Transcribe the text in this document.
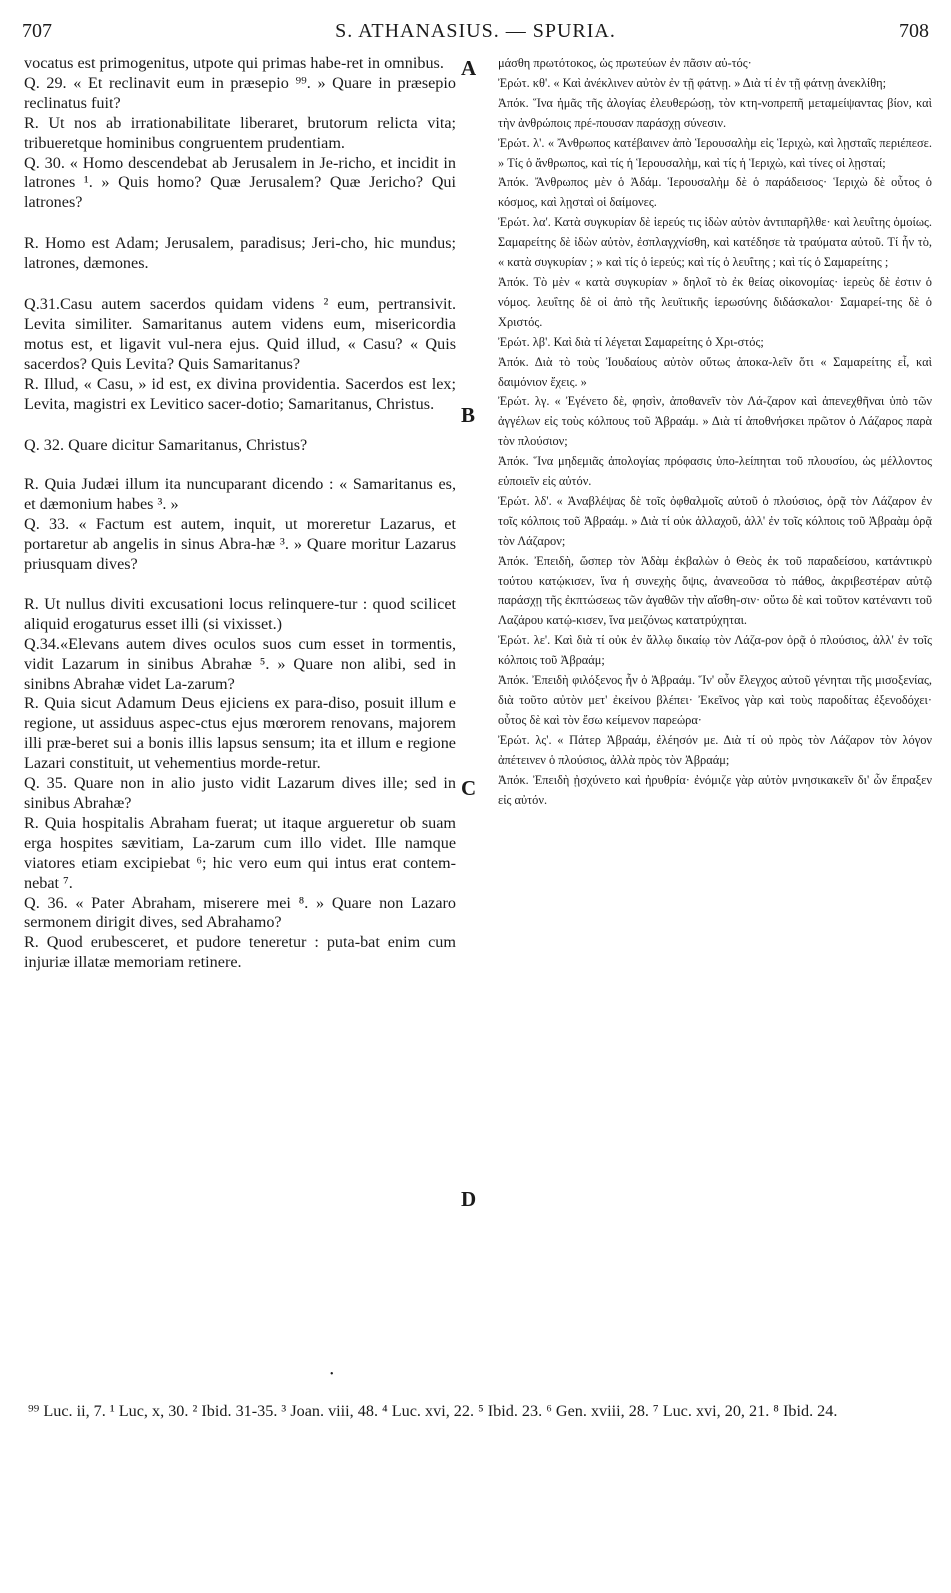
707	S. ATHANASIUS. — SPURIA.	708

vocatus est primogenitus, utpote qui primas habe-ret in omnibus.

Q. 29. « Et reclinavit eum in præsepio ⁹⁹. » Quare in præsepio reclinatus fuit?

R. Ut nos ab irrationabilitate liberaret, brutorum relicta vita; tribueretque hominibus congruentem prudentiam.

Q. 30. « Homo descendebat ab Jerusalem in Je-richo, et incidit in latrones ¹. » Quis homo? Quæ Jerusalem? Quæ Jericho? Qui latrones?

R. Homo est Adam; Jerusalem, paradisus; Jeri-cho, hic mundus; latrones, dæmones.

Q.31.Casu autem sacerdos quidam videns ² eum, pertransivit. Levita similiter. Samaritanus autem videns eum, misericordia motus est, et ligavit vul-nera ejus. Quid illud, « Casu? « Quis sacerdos? Quis Levita? Quis Samaritanus?

R. Illud, « Casu, » id est, ex divina providentia. Sacerdos est lex; Levita, magistri ex Levitico sacer-dotio; Samaritanus, Christus.

Q. 32. Quare dicitur Samaritanus, Christus?

R. Quia Judæi illum ita nuncuparant dicendo : « Samaritanus es, et dæmonium habes ³. »

Q. 33. « Factum est autem, inquit, ut moreretur Lazarus, et portaretur ab angelis in sinus Abra-hæ ³. » Quare moritur Lazarus priusquam dives?

R. Ut nullus diviti excusationi locus relinquere-tur : quod scilicet aliquid erogaturus esset illi (si vixisset.)

Q.34.«Elevans autem dives oculos suos cum esset in tormentis, vidit Lazarum in sinibus Abrahæ ⁵. » Quare non alibi, sed in sinibns Abrahæ videt La-zarum?

R. Quia sicut Adamum Deus ejiciens ex para-diso, posuit illum e regione, ut assiduus aspec-ctus ejus mœrorem renovans, majorem illi præ-beret sui a bonis illis lapsus sensum; ita et illum e regione Lazari constituit, ut vehementius morde-retur.

Q. 35. Quare non in alio justo vidit Lazarum dives ille; sed in sinibus Abrahæ?

R. Quia hospitalis Abraham fuerat; ut itaque argueretur ob suam erga hospites sævitiam, La-zarum cum illo videt. Ille namque viatores etiam excipiebat ⁶; hic vero eum qui intus erat contem-nebat ⁷.

Q. 36. « Pater Abraham, miserere mei ⁸. » Quare non Lazaro sermonem dirigit dives, sed Abrahamo?

R. Quod erubesceret, et pudore teneretur : puta-bat enim cum injuriæ illatæ memoriam retinere.

A
B
C
D

μάσθη πρωτότοκος, ὡς πρωτεύων ἐν πᾶσιν αὐ-τός·

Ἐρώτ. κθ'. « Καὶ ἀνέκλινεν αὐτὸν ἐν τῇ φάτνῃ. » Διὰ τί ἐν τῇ φάτνῃ ἀνεκλίθη;

Ἀπόκ. Ἵνα ἡμᾶς τῆς ἀλογίας ἐλευθερώσῃ, τὸν κτη-νοπρεπῆ μεταμείψαντας βίον, καὶ τὴν ἀνθρώποις πρέ-πουσαν παράσχῃ σύνεσιν.

Ἐρώτ. λ'. « Ἄνθρωπος κατέβαινεν ἀπὸ Ἱερουσαλὴμ εἰς Ἱεριχὼ, καὶ λῃσταῖς περιέπεσε. » Τίς ὁ ἄνθρωπος, καὶ τίς ἡ Ἱερουσαλὴμ, καὶ τίς ἡ Ἱεριχὼ, καὶ τίνες οἱ λῃσταί;

Ἀπόκ. Ἄνθρωπος μὲν ὁ Ἀδάμ. Ἱερουσαλὴμ δὲ ὁ παράδεισος· Ἱεριχὼ δὲ οὗτος ὁ κόσμος, καὶ λῃσταὶ οἱ δαίμονες.

Ἐρώτ. λα'. Κατὰ συγκυρίαν δὲ ἱερεύς τις ἰδὼν αὐτὸν ἀντιπαρῆλθε· καὶ λευΐτης ὁμοίως. Σαμαρείτης δὲ ἰδὼν αὐτὸν, ἐσπλαγχνίσθη, καὶ κατέδησε τὰ τραύματα αὐτοῦ. Τί ἦν τὸ, « κατὰ συγκυρίαν ; » καὶ τίς ὁ ἱερεύς; καὶ τίς ὁ λευΐτης ; καὶ τίς ὁ Σαμαρείτης ;

Ἀπόκ. Τὸ μὲν « κατὰ συγκυρίαν » δηλοῖ τὸ ἐκ θείας οἰκονομίας· ἱερεὺς δὲ ἐστιν ὁ νόμος. λευΐτης δὲ οἱ ἀπὸ τῆς λευϊτικῆς ἱερωσύνης διδάσκαλοι· Σαμαρεί-της δὲ ὁ Χριστός.

Ἐρώτ. λβ'. Καὶ διὰ τί λέγεται Σαμαρείτης ὁ Χρι-στός;

Ἀπόκ. Διὰ τὸ τοὺς Ἰουδαίους αὐτὸν οὕτως ἀποκα-λεῖν ὅτι « Σαμαρείτης εἶ, καὶ δαιμόνιον ἔχεις. »

Ἐρώτ. λγ. « Ἐγένετο δὲ, φησὶν, ἀποθανεῖν τὸν Λά-ζαρον καὶ ἀπενεχθῆναι ὑπὸ τῶν ἀγγέλων εἰς τοὺς κόλπους τοῦ Ἀβραάμ. » Διὰ τί ἀποθνήσκει πρῶτον ὁ Λάζαρος παρὰ τὸν πλούσιον;

Ἀπόκ. Ἵνα μηδεμιᾶς ἀπολογίας πρόφασις ὑπο-λείπηται τοῦ πλουσίου, ὡς μέλλοντος εὐποιεῖν εἰς αὐτόν.

Ἐρώτ. λδ'. « Ἀναβλέψας δὲ τοῖς ὀφθαλμοῖς αὐτοῦ ὁ πλούσιος, ὁρᾷ τὸν Λάζαρον ἐν τοῖς κόλποις τοῦ Ἀβραάμ. » Διὰ τί οὐκ ἀλλαχοῦ, ἀλλ' ἐν τοῖς κόλποις τοῦ Ἀβραὰμ ὁρᾷ τὸν Λάζαρον;

Ἀπόκ. Ἐπειδὴ, ὥσπερ τὸν Ἀδὰμ ἐκβαλὼν ὁ Θεὸς ἐκ τοῦ παραδείσου, κατάντικρὺ τούτου κατῴκισεν, ἵνα ἡ συνεχὴς ὄψις, ἀνανεοῦσα τὸ πάθος, ἀκριβεστέραν αὐτῷ παράσχῃ τῆς ἐκπτώσεως τῶν ἀγαθῶν τὴν αἴσθη-σιν· οὕτω δὲ καὶ τοῦτον κατέναντι τοῦ Λαζάρου κατῴ-κισεν, ἵνα μειζόνως κατατρύχηται.

Ἐρώτ. λε'. Καὶ διὰ τί οὐκ ἐν ἄλλῳ δικαίῳ τὸν Λάζα-ρον ὁρᾷ ὁ πλούσιος, ἀλλ' ἐν τοῖς κόλποις τοῦ Ἀβραάμ;

Ἀπόκ. Ἐπειδὴ φιλόξενος ἦν ὁ Ἀβραάμ. Ἵν' οὖν ἔλεγχος αὐτοῦ γένηται τῆς μισοξενίας, διὰ τοῦτο αὐτὸν μετ' ἐκείνου βλέπει· Ἐκεῖνος γὰρ καὶ τοὺς παροδίτας ἐξενοδόχει· οὗτος δὲ καὶ τὸν ἔσω κείμενον παρεώρα·

Ἐρώτ. λς'. « Πάτερ Ἀβραάμ, ἐλέησόν με. Διὰ τί οὐ πρὸς τὸν Λάζαρον τὸν λόγον ἀπέτεινεν ὁ πλούσιος, ἀλλὰ πρὸς τὸν Ἀβραάμ;

Ἀπόκ. Ἐπειδὴ ᾐσχύνετο καὶ ἠρυθρία· ἐνόμιζε γὰρ αὐτὸν μνησικακεῖν δι' ὧν ἔπραξεν εἰς αὐτόν.

•
⁹⁹ Luc. ii, 7. ¹ Luc, x, 30. ² Ibid. 31-35. ³ Joan. viii, 48. ⁴ Luc. xvi, 22. ⁵ Ibid. 23. ⁶ Gen. xviii, 28. ⁷ Luc. xvi, 20, 21. ⁸ Ibid. 24.
